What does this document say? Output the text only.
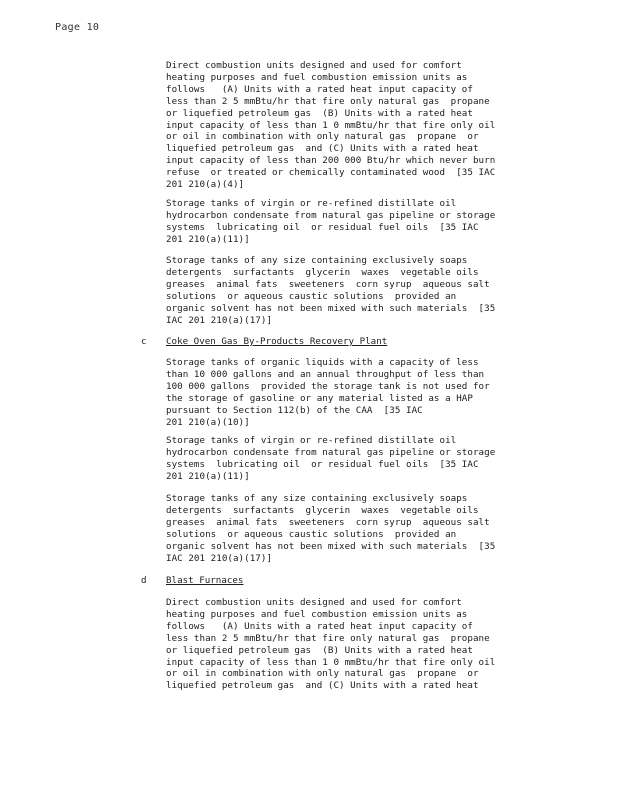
Page 10
Direct combustion units designed and used for comfort
heating purposes and fuel combustion emission units as
follows   (A) Units with a rated heat input capacity of
less than 2 5 mmBtu/hr that fire only natural gas  propane
or liquefied petroleum gas  (B) Units with a rated heat
input capacity of less than 1 0 mmBtu/hr that fire only oil
or oil in combination with only natural gas  propane  or
liquefied petroleum gas  and (C) Units with a rated heat
input capacity of less than 200 000 Btu/hr which never burn
refuse  or treated or chemically contaminated wood  [35 IAC
201 210(a)(4)]
Storage tanks of virgin or re-refined distillate oil
hydrocarbon condensate from natural gas pipeline or storage
systems  lubricating oil  or residual fuel oils  [35 IAC
201 210(a)(11)]
Storage tanks of any size containing exclusively soaps
detergents  surfactants  glycerin  waxes  vegetable oils
greases  animal fats  sweeteners  corn syrup  aqueous salt
solutions  or aqueous caustic solutions  provided an
organic solvent has not been mixed with such materials  [35
IAC 201 210(a)(17)]
c Coke Oven Gas By-Products Recovery Plant
Storage tanks of organic liquids with a capacity of less
than 10 000 gallons and an annual throughput of less than
100 000 gallons  provided the storage tank is not used for
the storage of gasoline or any material listed as a HAP
pursuant to Section 112(b) of the CAA  [35 IAC
201 210(a)(10)]
Storage tanks of virgin or re-refined distillate oil
hydrocarbon condensate from natural gas pipeline or storage
systems  lubricating oil  or residual fuel oils  [35 IAC
201 210(a)(11)]
Storage tanks of any size containing exclusively soaps
detergents  surfactants  glycerin  waxes  vegetable oils
greases  animal fats  sweeteners  corn syrup  aqueous salt
solutions  or aqueous caustic solutions  provided an
organic solvent has not been mixed with such materials  [35
IAC 201 210(a)(17)]
d Blast Furnaces
Direct combustion units designed and used for comfort
heating purposes and fuel combustion emission units as
follows   (A) Units with a rated heat input capacity of
less than 2 5 mmBtu/hr that fire only natural gas  propane
or liquefied petroleum gas  (B) Units with a rated heat
input capacity of less than 1 0 mmBtu/hr that fire only oil
or oil in combination with only natural gas  propane  or
liquefied petroleum gas  and (C) Units with a rated heat
